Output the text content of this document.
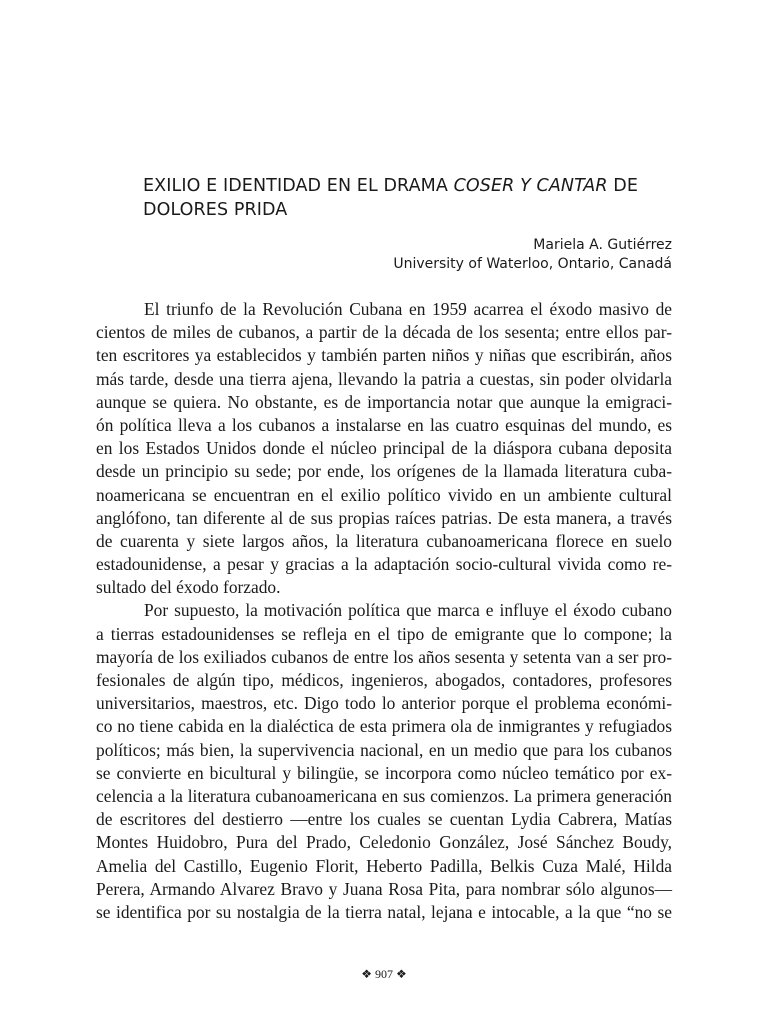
EXILIO E IDENTIDAD EN EL DRAMA COSER Y CANTAR DE
DOLORES PRIDA
Mariela A. Gutiérrez
University of Waterloo, Ontario, Canadá
El triunfo de la Revolución Cubana en 1959 acarrea el éxodo masivo de
cientos de miles de cubanos, a partir de la década de los sesenta; entre ellos par-
ten escritores ya establecidos y también parten niños y niñas que escribirán, años
más tarde, desde una tierra ajena, llevando la patria a cuestas, sin poder olvidarla
aunque se quiera. No obstante, es de importancia notar que aunque la emigraci-
ón política lleva a los cubanos a instalarse en las cuatro esquinas del mundo, es
en los Estados Unidos donde el núcleo principal de la diáspora cubana deposita
desde un principio su sede; por ende, los orígenes de la llamada literatura cuba-
noamericana se encuentran en el exilio político vivido en un ambiente cultural
anglófono, tan diferente al de sus propias raíces patrias. De esta manera, a través
de cuarenta y siete largos años, la literatura cubanoamericana florece en suelo
estadounidense, a pesar y gracias a la adaptación socio-cultural vivida como re-
sultado del éxodo forzado.
Por supuesto, la motivación política que marca e influye el éxodo cubano
a tierras estadounidenses se refleja en el tipo de emigrante que lo compone; la
mayoría de los exiliados cubanos de entre los años sesenta y setenta van a ser pro-
fesionales de algún tipo, médicos, ingenieros, abogados, contadores, profesores
universitarios, maestros, etc. Digo todo lo anterior porque el problema económi-
co no tiene cabida en la dialéctica de esta primera ola de inmigrantes y refugiados
políticos; más bien, la supervivencia nacional, en un medio que para los cubanos
se convierte en bicultural y bilingüe, se incorpora como núcleo temático por ex-
celencia a la literatura cubanoamericana en sus comienzos. La primera generación
de escritores del destierro —entre los cuales se cuentan Lydia Cabrera, Matías
Montes Huidobro, Pura del Prado, Celedonio González, José Sánchez Boudy,
Amelia del Castillo, Eugenio Florit, Heberto Padilla, Belkis Cuza Malé, Hilda
Perera, Armando Alvarez Bravo y Juana Rosa Pita, para nombrar sólo algunos—
se identifica por su nostalgia de la tierra natal, lejana e intocable, a la que “no se
❖ 907 ❖
